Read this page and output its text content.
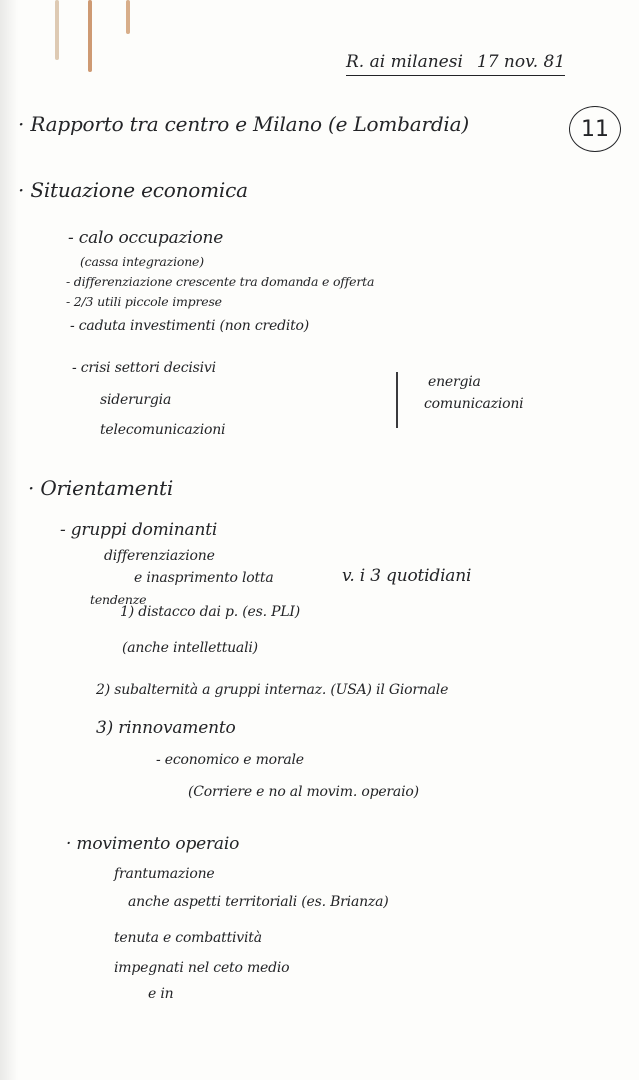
R. ai milanesi 17 nov. 81
11
· Rapporto tra centro e Milano (e Lombardia)
· Situazione economica
- calo occupazione
(cassa integrazione)
- differenziazione crescente tra domanda e offerta
- 2/3 utili piccole imprese
- caduta investimenti (non credito)
- crisi settori decisivi
siderurgia
telecomunicazioni
energia
comunicazioni
· Orientamenti
- gruppi dominanti
differenziazione
tendenze
e inasprimento lotta	v. i 3 quotidiani
1) distacco dai p. (es. PLI)
(anche intellettuali)
2) subalternità a gruppi internaz. (USA) il Giornale
3) rinnovamento
- economico e morale
(Corriere e no al movim. operaio)
· movimento operaio
frantumazione
anche aspetti territoriali (es. Brianza)
tenuta e combattività
impegnati nel ceto medio
e in
